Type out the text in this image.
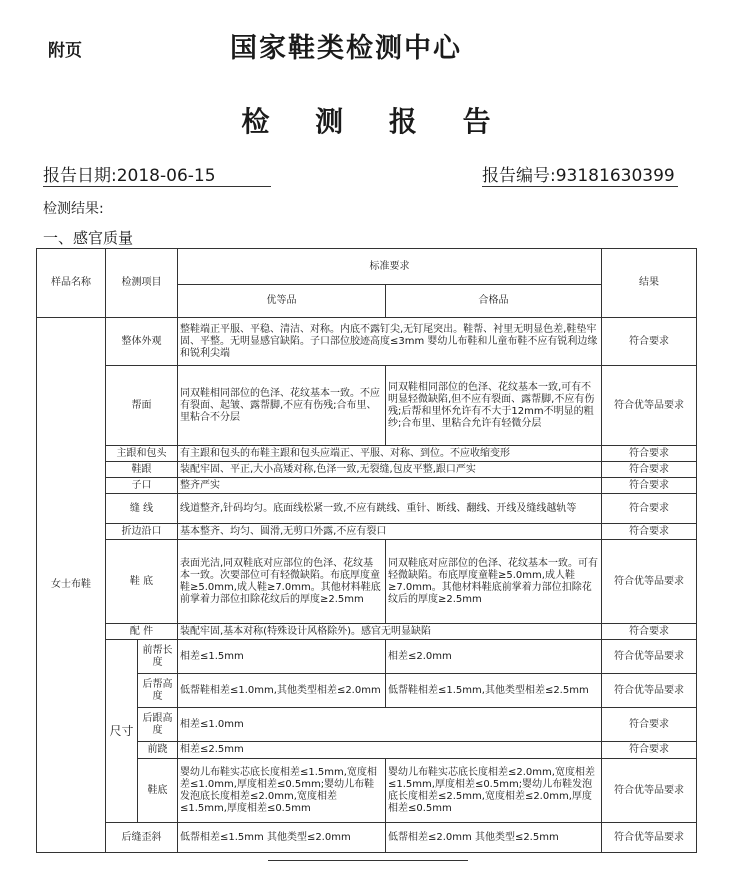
附页	国家鞋类检测中心
检 测 报 告
报告日期:2018-06-15	报告编号:93181630399
检测结果:
一、感官质量
样品名称	检测项目		标准要求		结果
			优等品	合格品	
女士布鞋	整体外观		整鞋端正平服、平稳、清洁、对称。内底不露钉尖,无钉尾突出。鞋帮、衬里无明显色差,鞋垫牢固、平整。无明显感官缺陷。子口部位胶迹高度≤3mm 婴幼儿布鞋和儿童布鞋不应有锐利边缘和锐利尖端		符合要求
	帮面		同双鞋相同部位的色泽、花纹基本一致。不应有裂面、起皱、露帮脚,不应有伤残;合布里、里粘合不分层	同双鞋相同部位的色泽、花纹基本一致,可有不明显轻微缺陷,但不应有裂面、露帮脚,不应有伤残;后帮和里怀允许有不大于12mm不明显的粗纱;合布里、里粘合允许有轻微分层	符合优等品要求
	主跟和包头		有主跟和包头的布鞋主跟和包头应端正、平服、对称、到位。不应收缩变形		符合要求
	鞋跟		装配牢固、平正,大小高矮对称,色泽一致,无裂缝,包皮平整,跟口严实		符合要求
	子口		整齐严实		符合要求
	缝 线		线道整齐,针码均匀。底面线松紧一致,不应有跳线、重针、断线、翻线、开线及缝线越轨等		符合要求
	折边沿口		基本整齐、均匀、圆滑,无剪口外露,不应有裂口		符合要求
	鞋 底		表面光洁,同双鞋底对应部位的色泽、花纹基本一致。次要部位可有轻微缺陷。布底厚度童鞋≥5.0mm,成人鞋≥7.0mm。其他材料鞋底前掌着力部位扣除花纹后的厚度≥2.5mm	同双鞋底对应部位的色泽、花纹基本一致。可有轻微缺陷。布底厚度童鞋≥5.0mm,成人鞋≥7.0mm。其他材料鞋底前掌着力部位扣除花纹后的厚度≥2.5mm	符合优等品要求
	配 件		装配牢固,基本对称(特殊设计风格除外)。感官无明显缺陷		符合要求
	尺寸	前帮长度	相差≤1.5mm	相差≤2.0mm	符合优等品要求
		后帮高度	低帮鞋相差≤1.0mm,其他类型相差≤2.0mm	低帮鞋相差≤1.5mm,其他类型相差≤2.5mm	符合优等品要求
		后跟高度	相差≤1.0mm		符合要求
		前跷	相差≤2.5mm		符合要求
		鞋底	婴幼儿布鞋实芯底长度相差≤1.5mm,宽度相差≤1.0mm,厚度相差≤0.5mm;婴幼儿布鞋发泡底长度相差≤2.0mm,宽度相差≤1.5mm,厚度相差≤0.5mm	婴幼儿布鞋实芯底长度相差≤2.0mm,宽度相差≤1.5mm,厚度相差≤0.5mm;婴幼儿布鞋发泡底长度相差≤2.5mm,宽度相差≤2.0mm,厚度相差≤0.5mm	符合优等品要求

	后缝歪斜		低帮相差≤1.5mm 其他类型≤2.0mm	低帮相差≤2.0mm 其他类型≤2.5mm	符合优等品要求
